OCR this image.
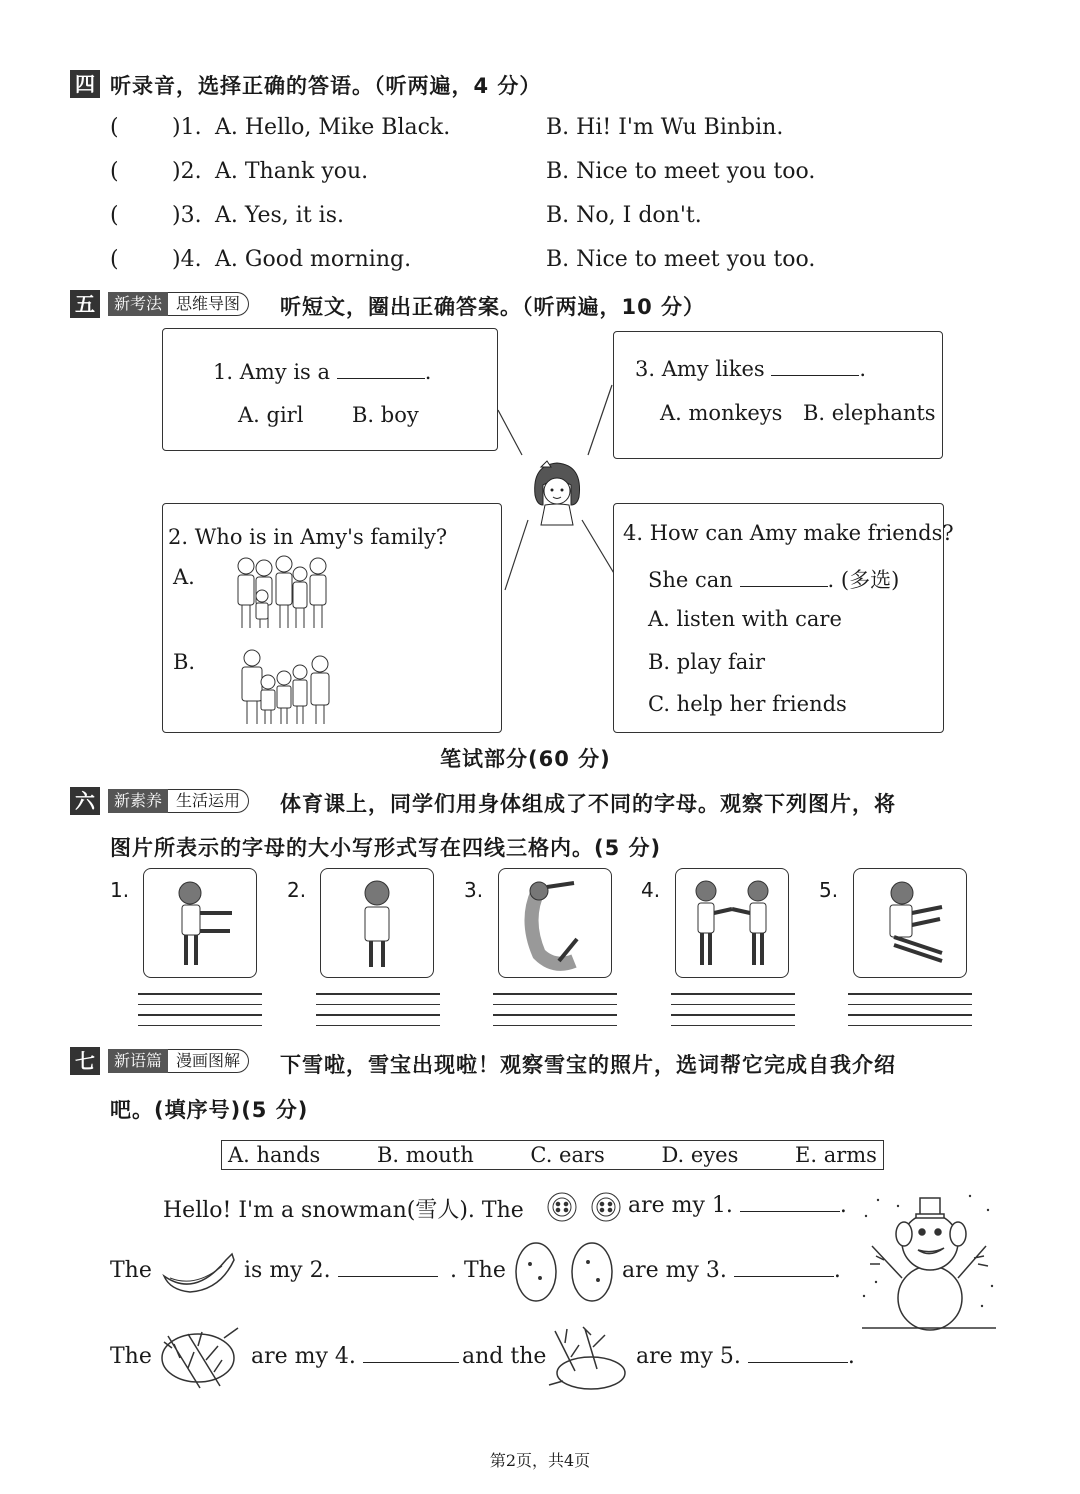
四 听录音，选择正确的答语。（听两遍，4 分）
( )1. A. Hello, Mike Black.	B. Hi! I'm Wu Binbin.
( )2. A. Thank you.	B. Nice to meet you too.
( )3. A. Yes, it is.	B. No, I don't.
( )4. A. Good morning.	B. Nice to meet you too.
五	新考法 思维导图	听短文，圈出正确答案。（听两遍，10 分）
1. Amy is a	.
A. girl B. boy
3. Amy likes	.
A. monkeys B. elephants
2. Who is in Amy's family?
A.
B.
4. How can Amy make friends?
She can	. (多选)
A. listen with care
B. play fair
C. help her friends
笔试部分(60 分)
六	新素养 生活运用	体育课上，同学们用身体组成了不同的字母。观察下列图片，将
图片所表示的字母的大小写形式写在四线三格内。(5 分)
1.	2.	3.	4.	5.
七	新语篇 漫画图解	下雪啦，雪宝出现啦！观察雪宝的照片，选词帮它完成自我介绍
吧。(填序号)(5 分)
A. hands	B. mouth	C. ears	D. eyes	E. arms
Hello! I'm a snowman(雪人). The	are my 1.	.
The	is my 2.	. The	are my 3.	.
The	are my 4.	and the	are my 5.	.
第2页，共4页
